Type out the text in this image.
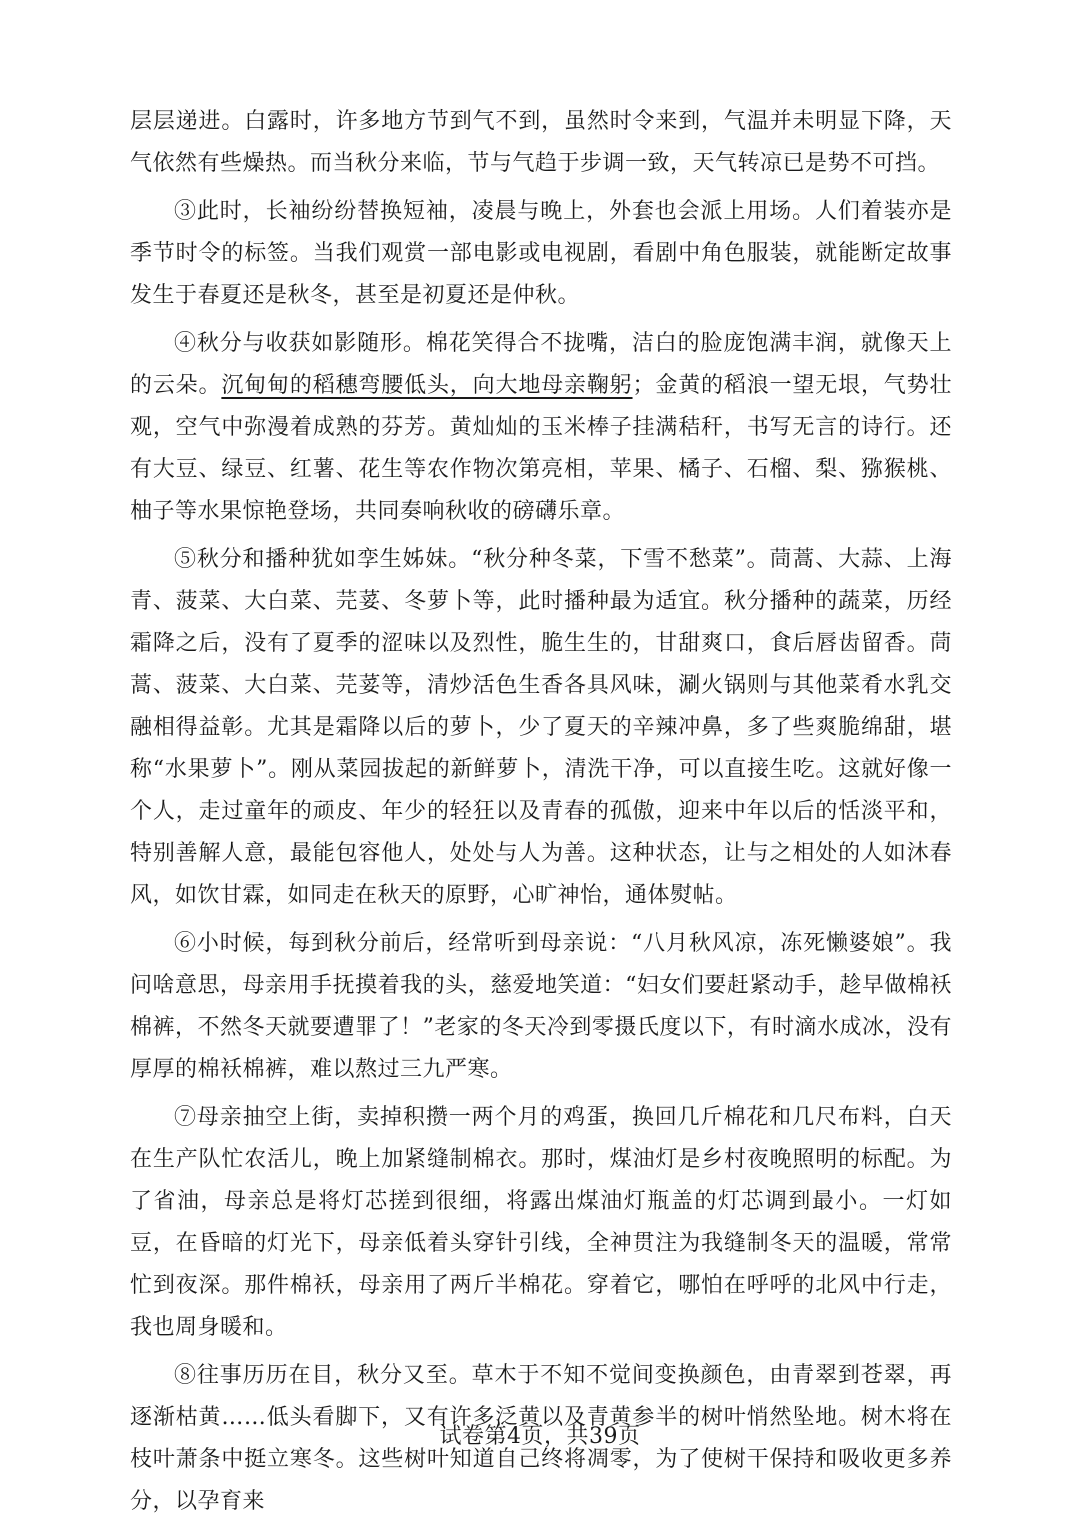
层层递进。白露时，许多地方节到气不到，虽然时令来到，气温并未明显下降，天气依然有些燥热。而当秋分来临，节与气趋于步调一致，天气转凉已是势不可挡。

③此时，长袖纷纷替换短袖，凌晨与晚上，外套也会派上用场。人们着装亦是季节时令的标签。当我们观赏一部电影或电视剧，看剧中角色服装，就能断定故事发生于春夏还是秋冬，甚至是初夏还是仲秋。

④秋分与收获如影随形。棉花笑得合不拢嘴，洁白的脸庞饱满丰润，就像天上的云朵。沉甸甸的稻穗弯腰低头，向大地母亲鞠躬；金黄的稻浪一望无垠，气势壮观，空气中弥漫着成熟的芬芳。黄灿灿的玉米棒子挂满秸秆，书写无言的诗行。还有大豆、绿豆、红薯、花生等农作物次第亮相，苹果、橘子、石榴、梨、猕猴桃、柚子等水果惊艳登场，共同奏响秋收的磅礴乐章。

⑤秋分和播种犹如孪生姊妹。“秋分种冬菜，下雪不愁菜”。茼蒿、大蒜、上海青、菠菜、大白菜、芫荽、冬萝卜等，此时播种最为适宜。秋分播种的蔬菜，历经霜降之后，没有了夏季的涩味以及烈性，脆生生的，甘甜爽口，食后唇齿留香。茼蒿、菠菜、大白菜、芫荽等，清炒活色生香各具风味，涮火锅则与其他菜肴水乳交融相得益彰。尤其是霜降以后的萝卜，少了夏天的辛辣冲鼻，多了些爽脆绵甜，堪称“水果萝卜”。刚从菜园拔起的新鲜萝卜，清洗干净，可以直接生吃。这就好像一个人，走过童年的顽皮、年少的轻狂以及青春的孤傲，迎来中年以后的恬淡平和，特别善解人意，最能包容他人，处处与人为善。这种状态，让与之相处的人如沐春风，如饮甘霖，如同走在秋天的原野，心旷神怡，通体熨帖。

⑥小时候，每到秋分前后，经常听到母亲说：“八月秋风凉，冻死懒婆娘”。我问啥意思，母亲用手抚摸着我的头，慈爱地笑道：“妇女们要赶紧动手，趁早做棉袄棉裤，不然冬天就要遭罪了！”老家的冬天冷到零摄氏度以下，有时滴水成冰，没有厚厚的棉袄棉裤，难以熬过三九严寒。

⑦母亲抽空上街，卖掉积攒一两个月的鸡蛋，换回几斤棉花和几尺布料，白天在生产队忙农活儿，晚上加紧缝制棉衣。那时，煤油灯是乡村夜晚照明的标配。为了省油，母亲总是将灯芯搓到很细，将露出煤油灯瓶盖的灯芯调到最小。一灯如豆，在昏暗的灯光下，母亲低着头穿针引线，全神贯注为我缝制冬天的温暖，常常忙到夜深。那件棉袄，母亲用了两斤半棉花。穿着它，哪怕在呼呼的北风中行走，我也周身暖和。

⑧往事历历在目，秋分又至。草木于不知不觉间变换颜色，由青翠到苍翠，再逐渐枯黄……低头看脚下，又有许多泛黄以及青黄参半的树叶悄然坠地。树木将在枝叶萧条中挺立寒冬。这些树叶知道自己终将凋零，为了使树干保持和吸收更多养分，以孕育来

试卷第4页，共39页
